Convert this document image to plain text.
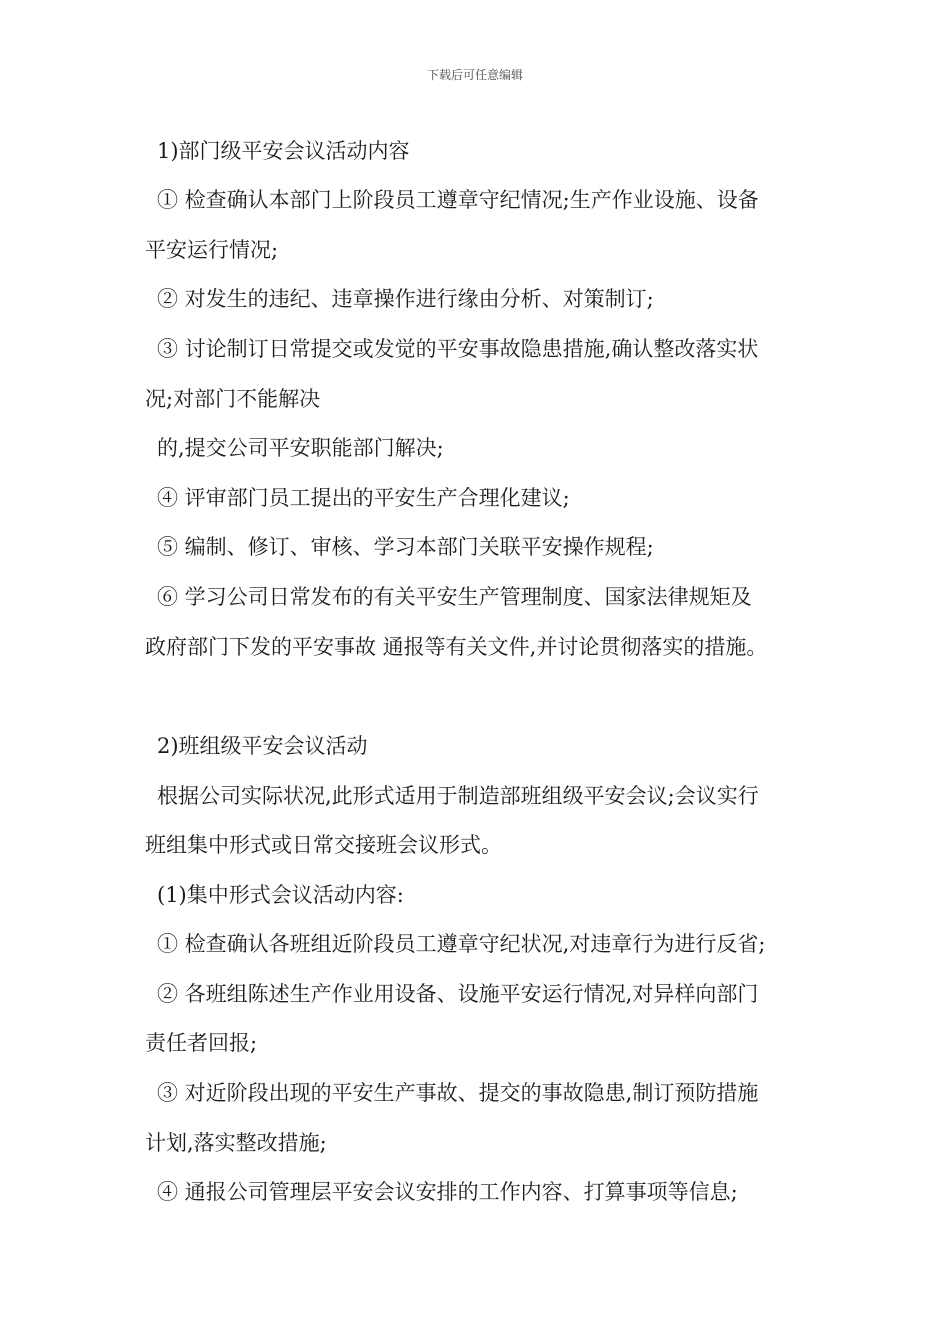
下载后可任意编辑
1)部门级平安会议活动内容
① 检查确认本部门上阶段员工遵章守纪情况;生产作业设施、设备
平安运行情况;
② 对发生的违纪、违章操作进行缘由分析、对策制订;
③ 讨论制订日常提交或发觉的平安事故隐患措施,确认整改落实状
况;对部门不能解决
的,提交公司平安职能部门解决;
④ 评审部门员工提出的平安生产合理化建议;
⑤ 编制、修订、审核、学习本部门关联平安操作规程;
⑥ 学习公司日常发布的有关平安生产管理制度、国家法律规矩及
政府部门下发的平安事故 通报等有关文件,并讨论贯彻落实的措施。
2)班组级平安会议活动
根据公司实际状况,此形式适用于制造部班组级平安会议;会议实行
班组集中形式或日常交接班会议形式。
(1)集中形式会议活动内容:
① 检查确认各班组近阶段员工遵章守纪状况,对违章行为进行反省;
② 各班组陈述生产作业用设备、设施平安运行情况,对异样向部门
责任者回报;
③ 对近阶段出现的平安生产事故、提交的事故隐患,制订预防措施
计划,落实整改措施;
④ 通报公司管理层平安会议安排的工作内容、打算事项等信息;
